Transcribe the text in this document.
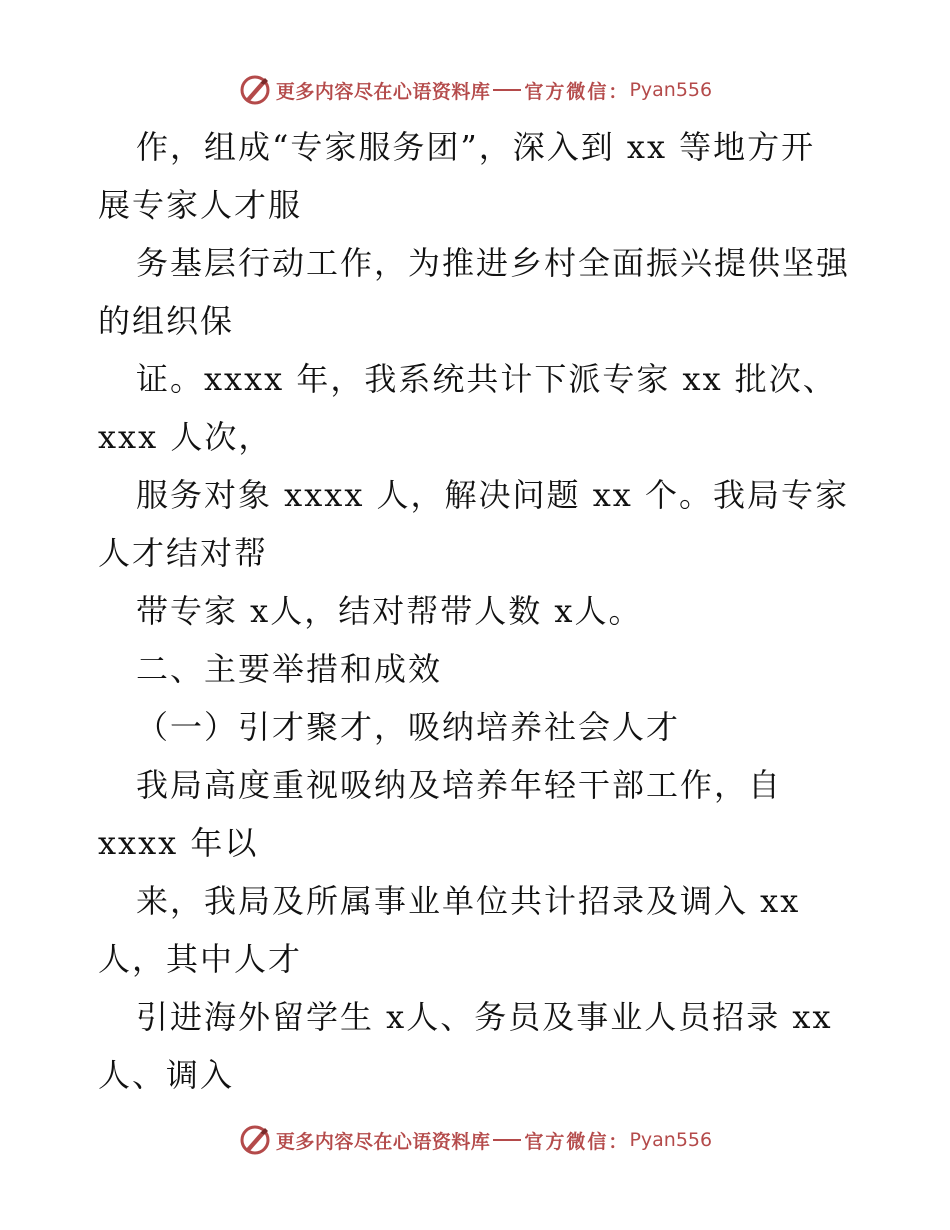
更多内容尽在心语资料库 官方微信： Pyan556
作，组成“专家服务团”，深入到 xx 等地方开
展专家人才服
务基层行动工作，为推进乡村全面振兴提供坚强
的组织保
证。xxxx 年，我系统共计下派专家 xx 批次、
xxx 人次，
服务对象 xxxx 人，解决问题 xx 个。我局专家
人才结对帮
带专家 x人，结对帮带人数 x人。
二、主要举措和成效
（一）引才聚才，吸纳培养社会人才
我局高度重视吸纳及培养年轻干部工作，自
xxxx 年以
来，我局及所属事业单位共计招录及调入 xx
人，其中人才
引进海外留学生 x人、务员及事业人员招录 xx
人、调入
更多内容尽在心语资料库 官方微信： Pyan556
